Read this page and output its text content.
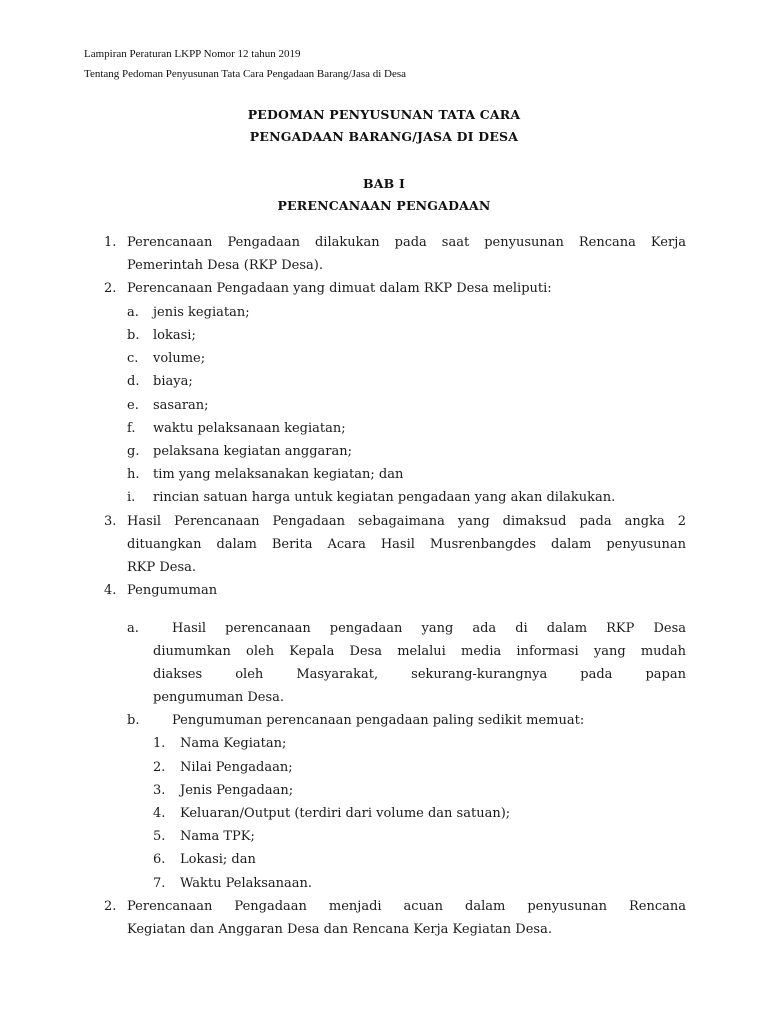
Lampiran Peraturan LKPP Nomor 12 tahun 2019
Tentang Pedoman Penyusunan Tata Cara Pengadaan Barang/Jasa di Desa
PEDOMAN PENYUSUNAN TATA CARA
PENGADAAN BARANG/JASA DI DESA
BAB I
PERENCANAAN PENGADAAN
1. Perencanaan Pengadaan dilakukan pada saat penyusunan Rencana Kerja
Pemerintah Desa (RKP Desa).
2. Perencanaan Pengadaan yang dimuat dalam RKP Desa meliputi:
a. jenis kegiatan;
b. lokasi;
c. volume;
d. biaya;
e. sasaran;
f. waktu pelaksanaan kegiatan;
g. pelaksana kegiatan anggaran;
h. tim yang melaksanakan kegiatan; dan
i. rincian satuan harga untuk kegiatan pengadaan yang akan dilakukan.
3. Hasil Perencanaan Pengadaan sebagaimana yang dimaksud pada angka 2
dituangkan dalam Berita Acara Hasil Musrenbangdes dalam penyusunan
RKP Desa.
4. Pengumuman
a.	Hasil perencanaan pengadaan yang ada di dalam RKP Desa
diumumkan oleh Kepala Desa melalui media informasi yang mudah
diakses oleh Masyarakat, sekurang-kurangnya pada papan
pengumuman Desa.
b.	Pengumuman perencanaan pengadaan paling sedikit memuat:
1. Nama Kegiatan;
2. Nilai Pengadaan;
3. Jenis Pengadaan;
4. Keluaran/Output (terdiri dari volume dan satuan);
5. Nama TPK;
6. Lokasi; dan
7. Waktu Pelaksanaan.
2. Perencanaan Pengadaan menjadi acuan dalam penyusunan Rencana
Kegiatan dan Anggaran Desa dan Rencana Kerja Kegiatan Desa.
